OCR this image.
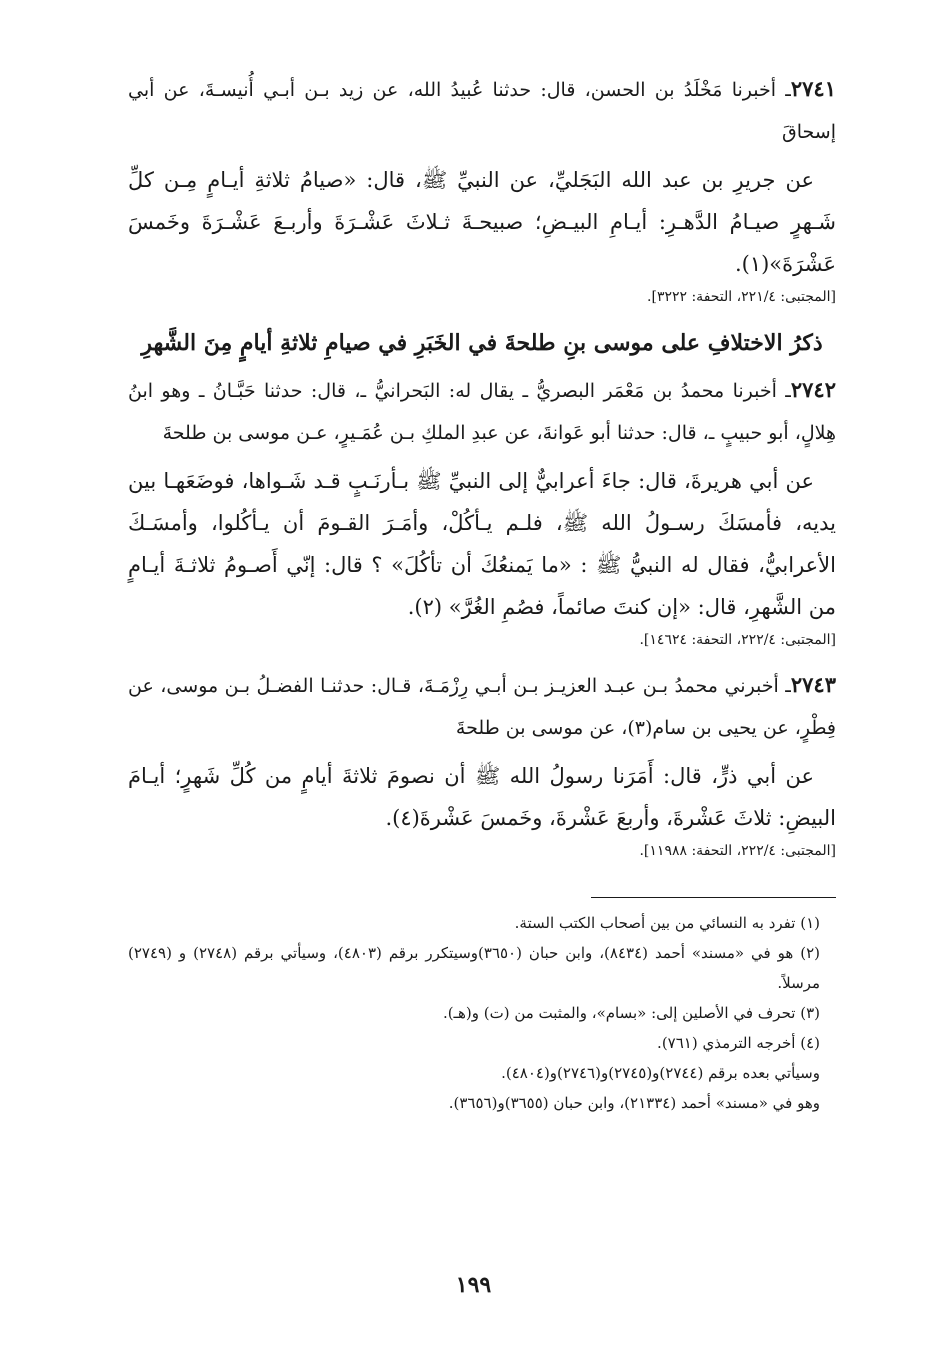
٢٧٤١ـ أخبرنا مَخْلَدُ بن الحسن، قال: حدثنا عُبيدُ الله، عن زيد بـن أبـي أُنيسـةَ، عن أبي إسحاقَ

عن جريرِ بن عبد الله البَجَليِّ، عن النبيِّ ﷺ، قال: «صيامُ ثلاثةِ أيـامٍ مِـن كلِّ شَـهرٍ صيـامُ الدَّهـرِ: أيـامِ البيـضِ؛ صبيحـةَ ثـلاثَ عَشْـرَةَ وأربـعَ عَشْـرَةَ وخَمسَ عَشْرَةَ»(١).

[المجتبى: ٢٢١/٤، التحفة: ٣٢٢٢].

ذكرُ الاختلافِ على موسى بنِ طلحةَ في الخَبَرِ في صيامِ ثلاثةِ أيامٍ مِنَ الشَّهرِ

٢٧٤٢ـ أخبرنا محمدُ بن مَعْمَر البصريُّ ـ يقال له: البَحرانيُّ ـ، قال: حدثنا حَبَّـانُ ـ وهو ابنُ هِلالٍ، أبو حبيبٍ ـ، قال: حدثنا أبو عَوانةَ، عن عبدِ الملكِ بـن عُمَـيرٍ، عـن موسى بن طلحةَ

عن أبي هريرةَ، قال: جاءَ أعرابيٌّ إلى النبيِّ ﷺ بـأرنَـبٍ قـد شَـواها، فوضَعَهـا بين يديه، فأمسَكَ رسـولُ الله ﷺ، فلـم يـأكُلْ، وأمَـرَ القـومَ أن يـأكُلوا، وأمسَـكَ الأعرابيُّ، فقال له النبيُّ ﷺ : «ما يَمنعُكَ أن تأكُلَ» ؟ قال: إنّي أَصـومُ ثلاثـةَ أيـامٍ من الشَّهرِ، قال: «إن كنتَ صائماً، فصُمِ الغُرَّ» (٢).

[المجتبى: ٢٢٢/٤، التحفة: ١٤٦٢٤].

٢٧٤٣ـ أخبرني محمدُ بـن عبـد العزيـز بـن أبـي رِزْمَـةَ، قـال: حدثنـا الفضـلُ بـن موسى، عن فِطْرٍ، عن يحيى بن سام(٣)، عن موسى بن طلحةَ

عن أبي ذرٍّ، قال: أَمَرَنا رسولُ الله ﷺ أن نصومَ ثلاثةَ أيامٍ من كُلِّ شَهرٍ؛ أيـامَ البيضِ: ثلاثَ عَشْرةَ، وأربعَ عَشْرةَ، وخَمسَ عَشْرةَ(٤).

[المجتبى: ٢٢٢/٤، التحفة: ١١٩٨٨].

(١) تفرد به النسائي من بين أصحاب الكتب الستة.

(٢) هو في «مسند» أحمد (٨٤٣٤)، وابن حبان (٣٦٥٠)وسيتكرر برقم (٤٨٠٣)، وسيأتي برقم (٢٧٤٨) و (٢٧٤٩) مرسلاً.

(٣) تحرف في الأصلين إلى: «بسام»، والمثبت من (ت) و(هـ).

(٤) أخرجه الترمذي (٧٦١).

وسيأتي بعده برقم (٢٧٤٤)و(٢٧٤٥)و(٢٧٤٦)و(٤٨٠٤).

وهو في «مسند» أحمد (٢١٣٣٤)، وابن حبان (٣٦٥٥)و(٣٦٥٦).

١٩٩
